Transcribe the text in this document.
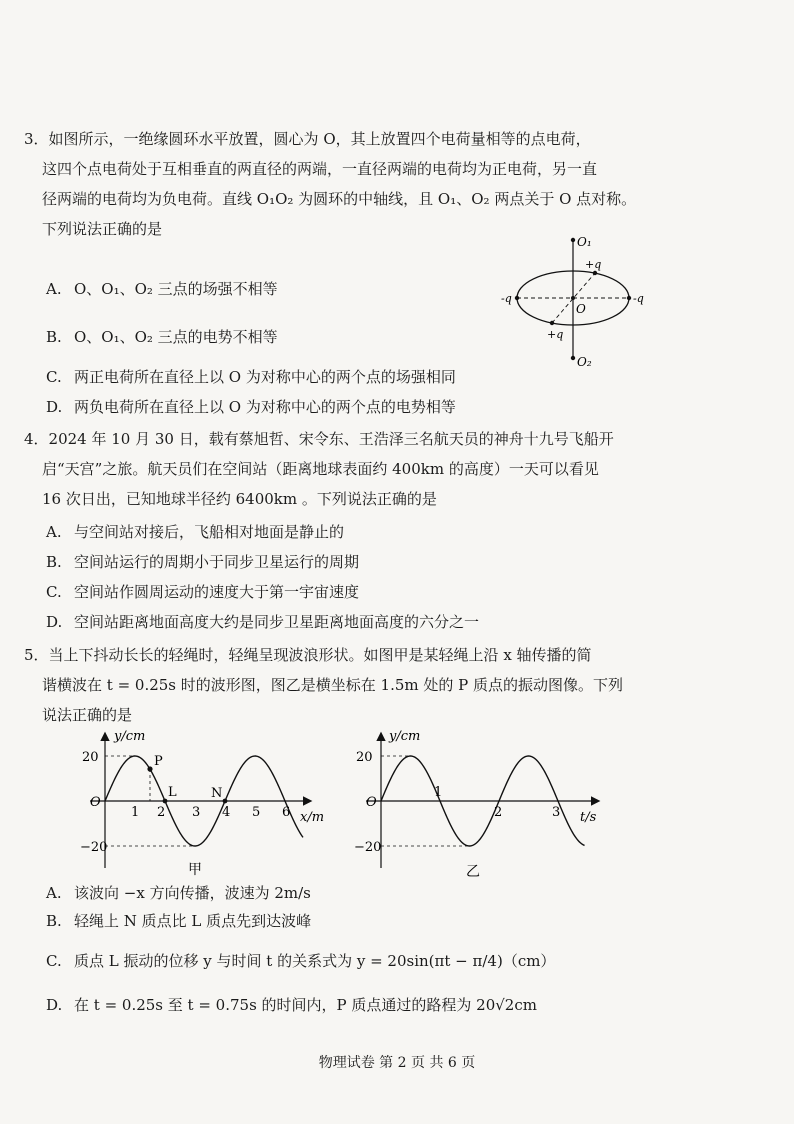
3．如图所示，一绝缘圆环水平放置，圆心为 O，其上放置四个电荷量相等的点电荷，
这四个点电荷处于互相垂直的两直径的两端，一直径两端的电荷均为正电荷，另一直
径两端的电荷均为负电荷。直线 O₁O₂ 为圆环的中轴线，且 O₁、O₂ 两点关于 O 点对称。
下列说法正确的是
A. O、O₁、O₂ 三点的场强不相等
B. O、O₁、O₂ 三点的电势不相等
C. 两正电荷所在直径上以 O 为对称中心的两个点的场强相同
D. 两负电荷所在直径上以 O 为对称中心的两个点的电势相等
O₁
O₂
O
+q
+q
-q	-q
4．2024 年 10 月 30 日，载有蔡旭哲、宋令东、王浩泽三名航天员的神舟十九号飞船开
启“天宫”之旅。航天员们在空间站（距离地球表面约 400km 的高度）一天可以看见
16 次日出，已知地球半径约 6400km 。下列说法正确的是
A. 与空间站对接后，飞船相对地面是静止的
B. 空间站运行的周期小于同步卫星运行的周期
C. 空间站作圆周运动的速度大于第一宇宙速度
D. 空间站距离地面高度大约是同步卫星距离地面高度的六分之一
5．当上下抖动长长的轻绳时，轻绳呈现波浪形状。如图甲是某轻绳上沿 x 轴传播的简
谐横波在 t = 0.25s 时的波形图，图乙是横坐标在 1.5m 处的 P 质点的振动图像。下列
说法正确的是
y/cm
20
−20
O
1 2 3 4 5 6 x/m
P
L	N
甲
y/cm
20
−20
O
1
2	3 t/s
乙
A. 该波向 −x 方向传播，波速为 2m/s
B. 轻绳上 N 质点比 L 质点先到达波峰
C. 质点 L 振动的位移 y 与时间 t 的关系式为 y = 20sin(πt − π/4)（cm）
D. 在 t = 0.25s 至 t = 0.75s 的时间内，P 质点通过的路程为 20√2cm
物理试卷 第 2 页 共 6 页
